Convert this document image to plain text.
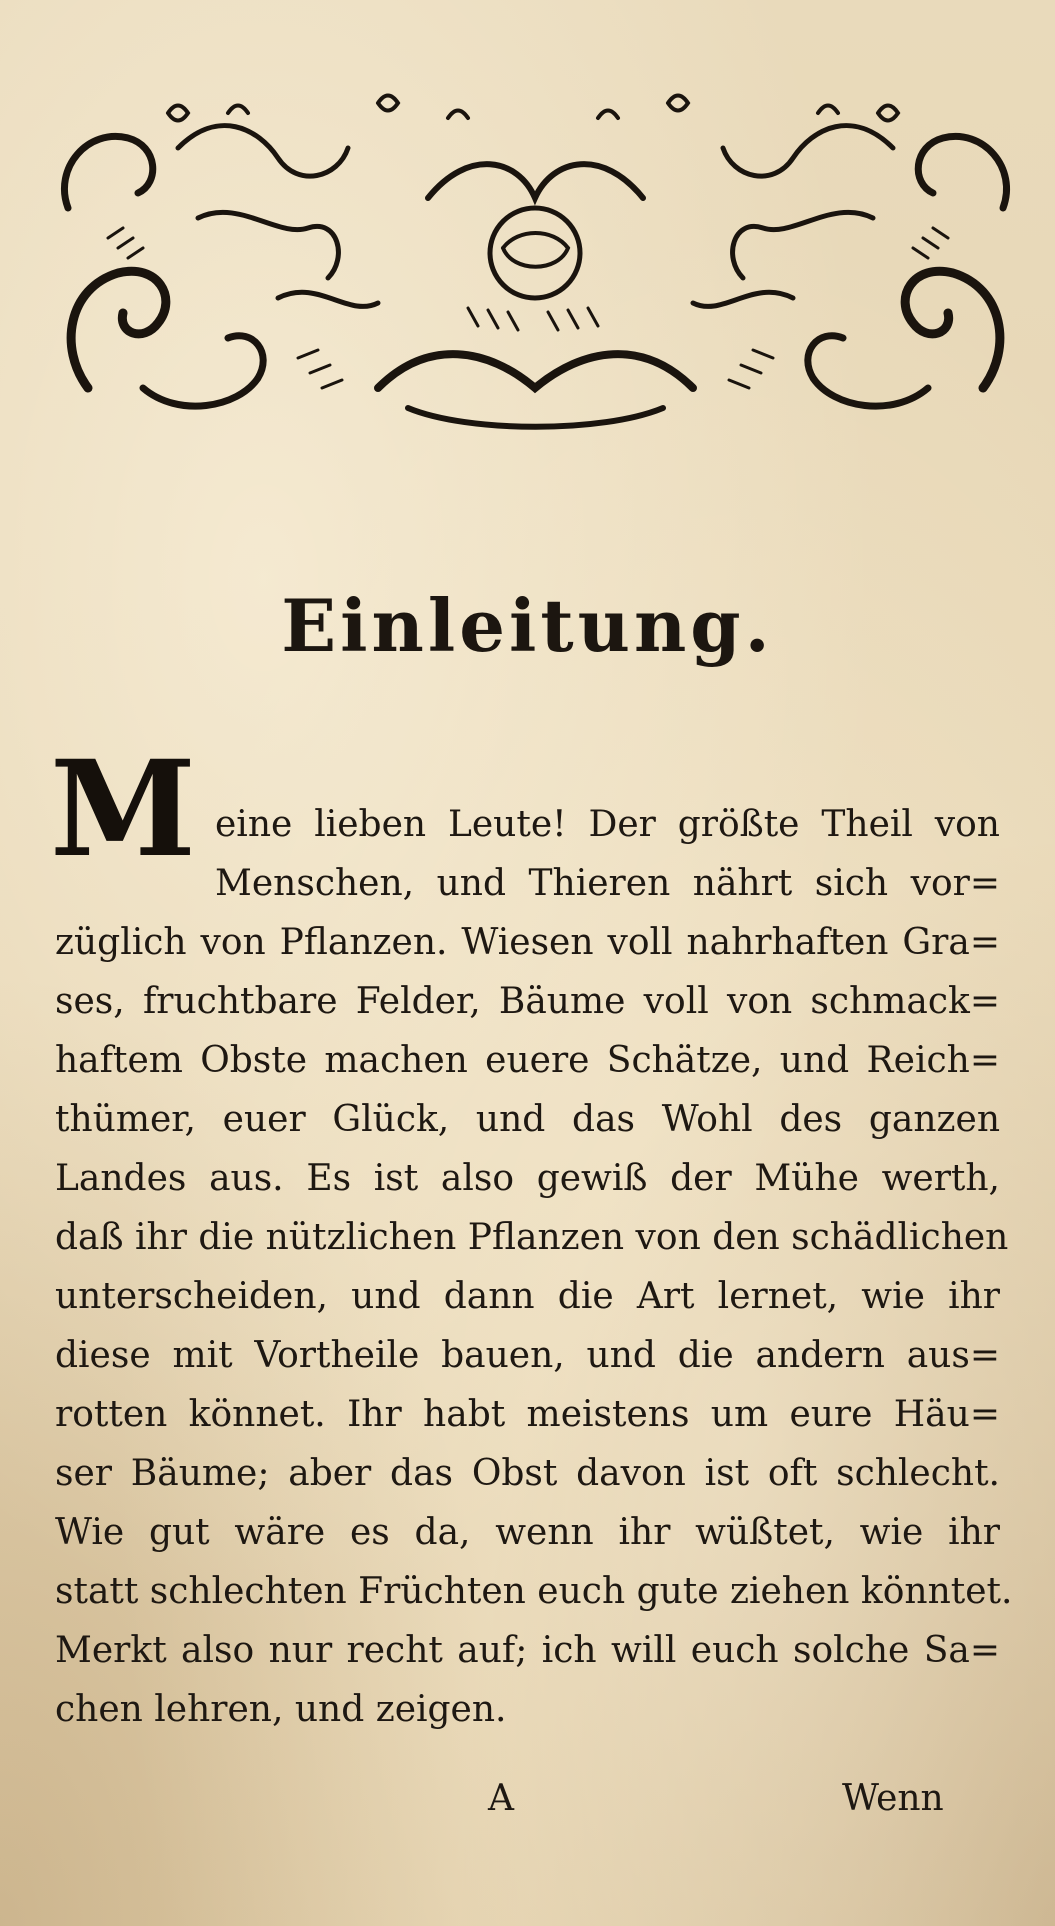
Einleitung.
M eine lieben Leute! Der größte Theil von
Menschen, und Thieren nährt sich vor=
züglich von Pflanzen. Wiesen voll nahrhaften Gra=
ses, fruchtbare Felder, Bäume voll von schmack=
haftem Obste machen euere Schätze, und Reich=
thümer, euer Glück, und das Wohl des ganzen
Landes aus. Es ist also gewiß der Mühe werth,
daß ihr die nützlichen Pflanzen von den schädlichen
unterscheiden, und dann die Art lernet, wie ihr
diese mit Vortheile bauen, und die andern aus=
rotten könnet. Ihr habt meistens um eure Häu=
ser Bäume; aber das Obst davon ist oft schlecht.
Wie gut wäre es da, wenn ihr wüßtet, wie ihr
statt schlechten Früchten euch gute ziehen könntet.
Merkt also nur recht auf; ich will euch solche Sa=
chen lehren, und zeigen.
A	Wenn
